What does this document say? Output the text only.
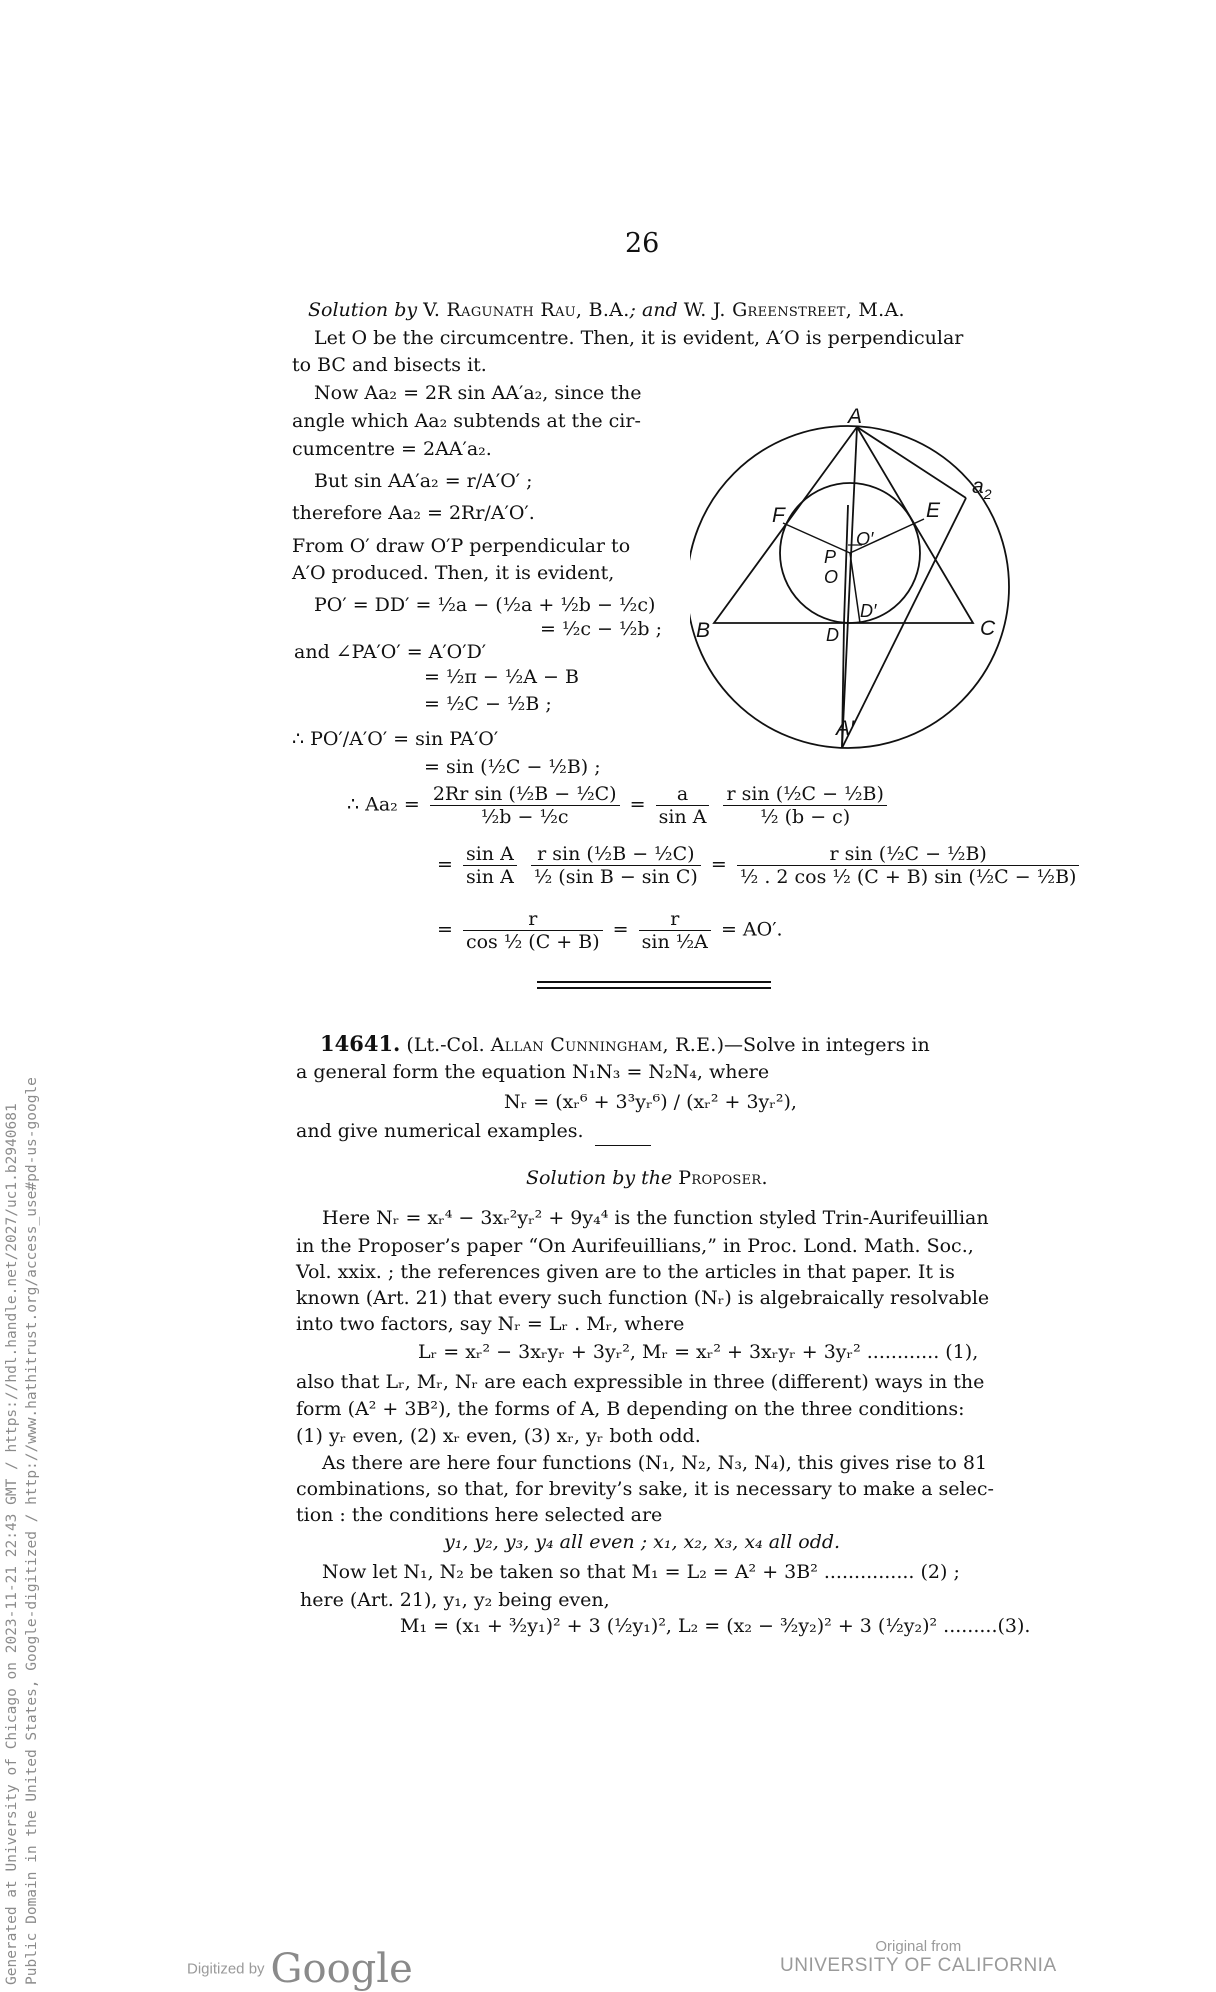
26
Solution by V. Ragunath Rau, B.A.; and W. J. Greenstreet, M.A.
Let O be the circumcentre. Then, it is evident, A′O is perpendicular
to BC and bisects it.
Now Aa₂ = 2R sin AA′a₂, since the
angle which Aa₂ subtends at the cir-
cumcentre = 2AA′a₂.
But sin AA′a₂ = r/A′O′ ;
therefore Aa₂ = 2Rr/A′O′.
From O′ draw O′P perpendicular to
A′O produced. Then, it is evident,
PO′ = DD′ = ½a − (½a + ½b − ½c)
= ½c − ½b ;
and ∠PA′O′ = A′O′D′
= ½π − ½A − B
= ½C − ½B ;
∴ PO′/A′O′ = sin PA′O′
= sin (½C − ½B) ;
∴ $Aa_2 = \frac{\text{2Rr sin (½B − ½C)}}{\text{½b − ½c}} = \frac{a}{\text{sin A}}$
$\frac{\text{r sin (½C − ½B)}}{\text{½ (b − c)}}$
= $\frac{\text{sin A}}{\text{sin A}}$
$\frac{\text{r sin (½B − ½C)}}{\text{½ (sin B − sin C)}} = \frac{\text{r sin (½C − ½B)}}{\text{½ . 2 cos ½ (C + B) sin (½C − ½B)}}$
= $\frac{r}{\text{cos ½ (C + B)}} = \frac{r}{\text{sin ½A}} = AO'$.
A
$a_2$
E
F
O′
P
O
D′
B	C
D
A′
14641. (Lt.-Col. Allan Cunningham, R.E.)—Solve in integers in
a general form the equation N₁N₃ = N₂N₄, where
Nᵣ = (xᵣ⁶ + 3³yᵣ⁶) / (xᵣ² + 3yᵣ²),
and give numerical examples.
Solution by the Proposer.
Here Nᵣ = xᵣ⁴ − 3xᵣ²yᵣ² + 9y₄⁴ is the function styled Trin-Aurifeuillian
in the Proposer’s paper “On Aurifeuillians,” in Proc. Lond. Math. Soc.,
Vol. xxix. ; the references given are to the articles in that paper. It is
known (Art. 21) that every such function (Nᵣ) is algebraically resolvable
into two factors, say Nᵣ = Lᵣ . Mᵣ, where
Lᵣ = xᵣ² − 3xᵣyᵣ + 3yᵣ², Mᵣ = xᵣ² + 3xᵣyᵣ + 3yᵣ² ............ (1),
also that Lᵣ, Mᵣ, Nᵣ are each expressible in three (different) ways in the
form (A² + 3B²), the forms of A, B depending on the three conditions:
(1) yᵣ even, (2) xᵣ even, (3) xᵣ, yᵣ both odd.
As there are here four functions (N₁, N₂, N₃, N₄), this gives rise to 81
combinations, so that, for brevity’s sake, it is necessary to make a selec-
tion : the conditions here selected are
y₁, y₂, y₃, y₄ all even ; x₁, x₂, x₃, x₄ all odd.
Now let N₁, N₂ be taken so that M₁ = L₂ = A² + 3B² ............... (2) ;
here (Art. 21), y₁, y₂ being even,
M₁ = (x₁ + ³⁄₂y₁)² + 3 (½y₁)², L₂ = (x₂ − ³⁄₂y₂)² + 3 (½y₂)² .........(3).
Generated at University of Chicago on 2023-11-21 22:43 GMT / https://hdl.handle.net/2027/uc1.b2940681 Public Domain in the United States, Google-digitized / http://www.hathitrust.org/access_use#pd-us-google	Digitized by Google	Original from
UNIVERSITY OF CALIFORNIA
